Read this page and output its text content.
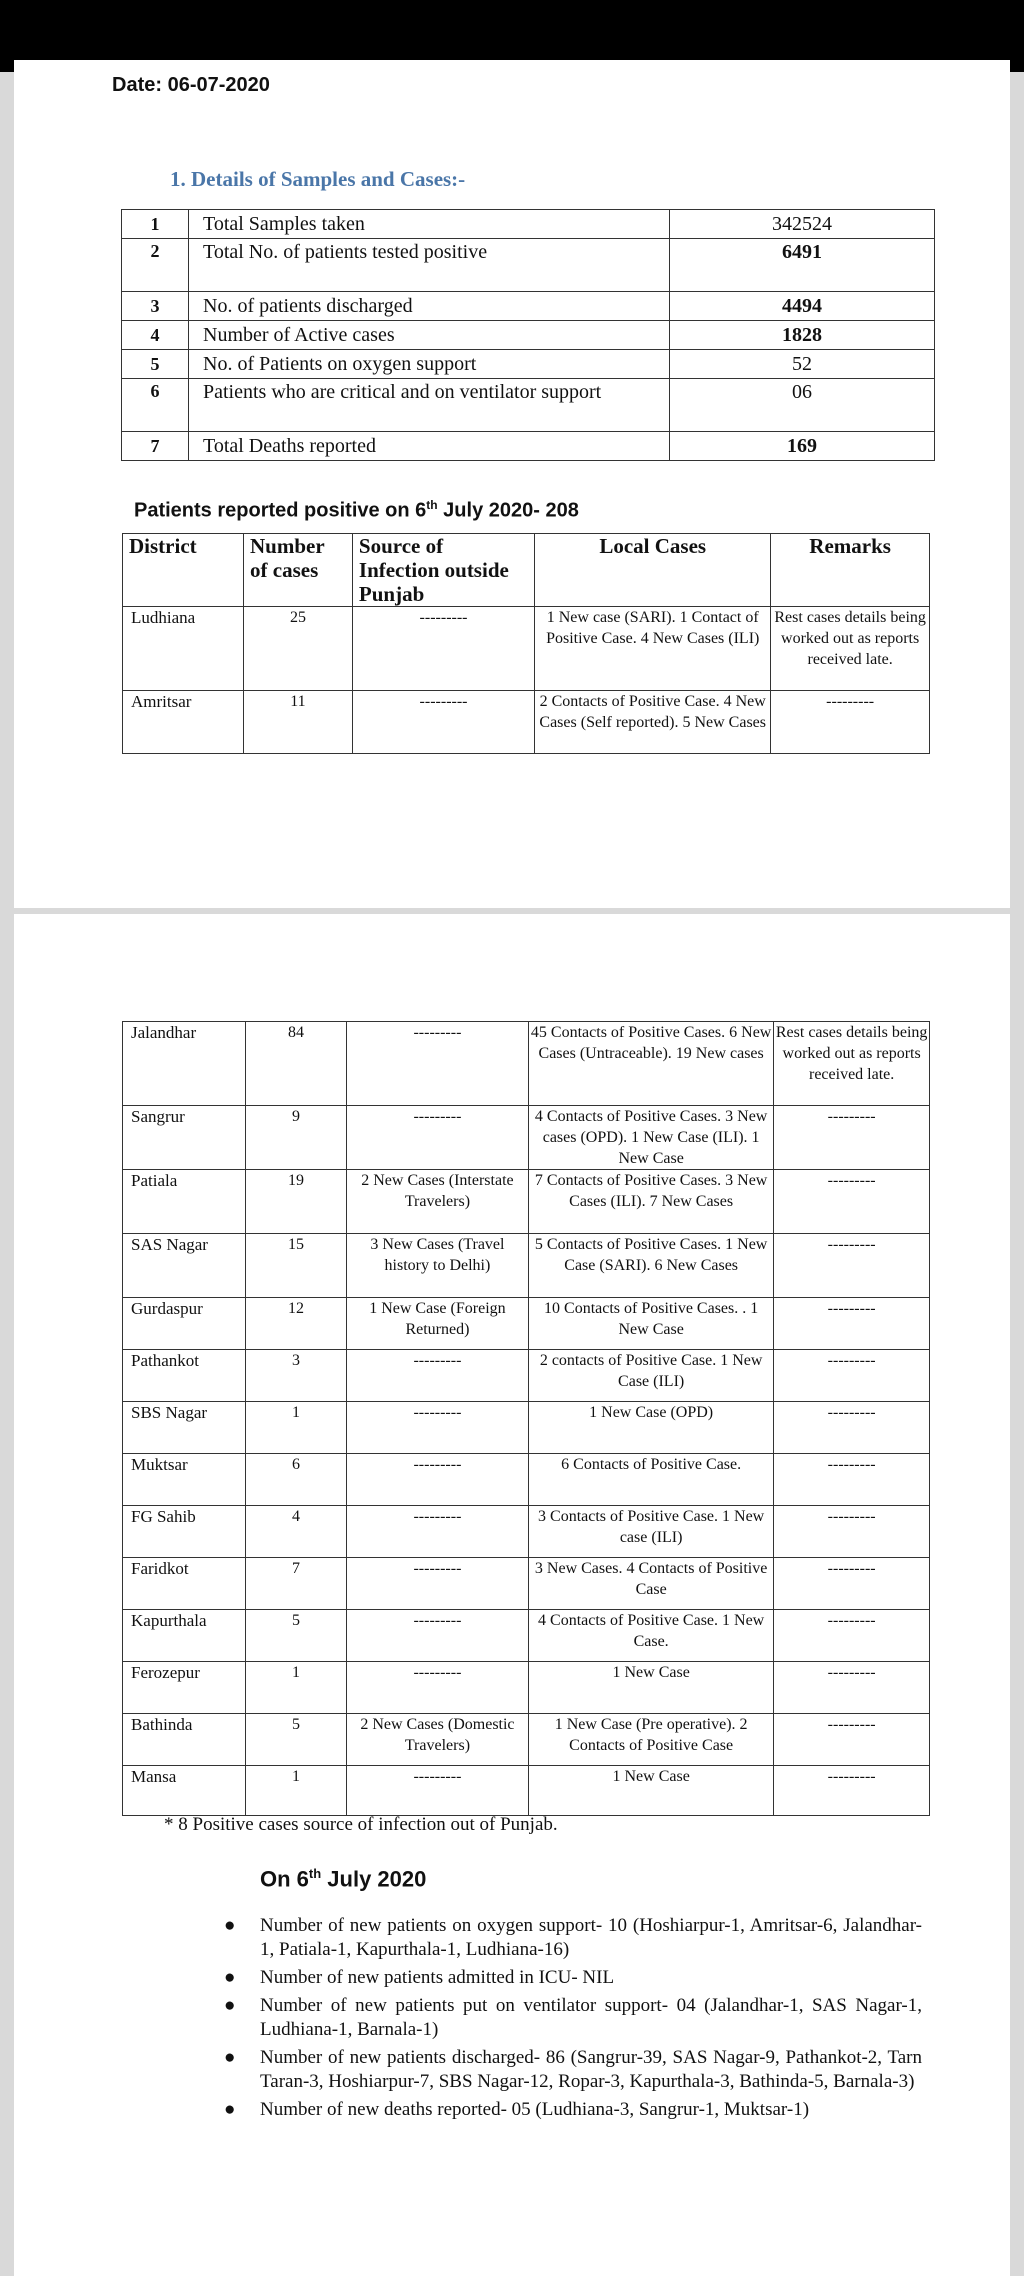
Date: 06-07-2020
1. Details of Samples and Cases:-
1	Total Samples taken	342524
2	Total No. of patients tested positive	6491
3	No. of patients discharged	4494
4	Number of Active cases	1828
5	No. of Patients on oxygen support	52
6	Patients who are critical and on ventilator support	06
7	Total Deaths reported	169
Patients reported positive on 6th July 2020- 208
District	Number of cases	Source of Infection outside Punjab	Local Cases	Remarks
Ludhiana	25	---------	1 New case (SARI). 1 Contact of Positive Case. 4 New Cases (ILI)	Rest cases details being worked out as reports received late.
Amritsar	11	---------	2 Contacts of Positive Case. 4 New Cases (Self reported). 5 New Cases	---------
Jalandhar	84	---------	45 Contacts of Positive Cases. 6 New Cases (Untraceable). 19 New cases	Rest cases details being worked out as reports received late.
Sangrur	9	---------	4 Contacts of Positive Cases. 3 New cases (OPD). 1 New Case (ILI). 1 New Case	---------
Patiala	19	2 New Cases (Interstate Travelers)	7 Contacts of Positive Cases. 3 New Cases (ILI). 7 New Cases	---------
SAS Nagar	15	3 New Cases (Travel history to Delhi)	5 Contacts of Positive Cases. 1 New Case (SARI). 6 New Cases	---------
Gurdaspur	12	1 New Case (Foreign Returned)	10 Contacts of Positive Cases. . 1 New Case	---------
Pathankot	3	---------	2 contacts of Positive Case. 1 New Case (ILI)	---------
SBS Nagar	1	---------	1 New Case (OPD)	---------
Muktsar	6	---------	6 Contacts of Positive Case.	---------
FG Sahib	4	---------	3 Contacts of Positive Case. 1 New case (ILI)	---------
Faridkot	7	---------	3 New Cases. 4 Contacts of Positive Case	---------
Kapurthala	5	---------	4 Contacts of Positive Case. 1 New Case.	---------
Ferozepur	1	---------	1 New Case	---------
Bathinda	5	2 New Cases (Domestic Travelers)	1 New Case (Pre operative). 2 Contacts of Positive Case	---------
Mansa	1	---------	1 New Case	---------
* 8 Positive cases source of infection out of Punjab.
On 6th July 2020
● Number of new patients on oxygen support- 10 (Hoshiarpur-1, Amritsar-6, Jalandhar-1, Patiala-1, Kapurthala-1, Ludhiana-16)
● Number of new patients admitted in ICU- NIL
● Number of new patients put on ventilator support- 04 (Jalandhar-1, SAS Nagar-1, Ludhiana-1, Barnala-1)
● Number of new patients discharged- 86 (Sangrur-39, SAS Nagar-9, Pathankot-2, Tarn Taran-3, Hoshiarpur-7, SBS Nagar-12, Ropar-3, Kapurthala-3, Bathinda-5, Barnala-3)
● Number of new deaths reported- 05 (Ludhiana-3, Sangrur-1, Muktsar-1)
